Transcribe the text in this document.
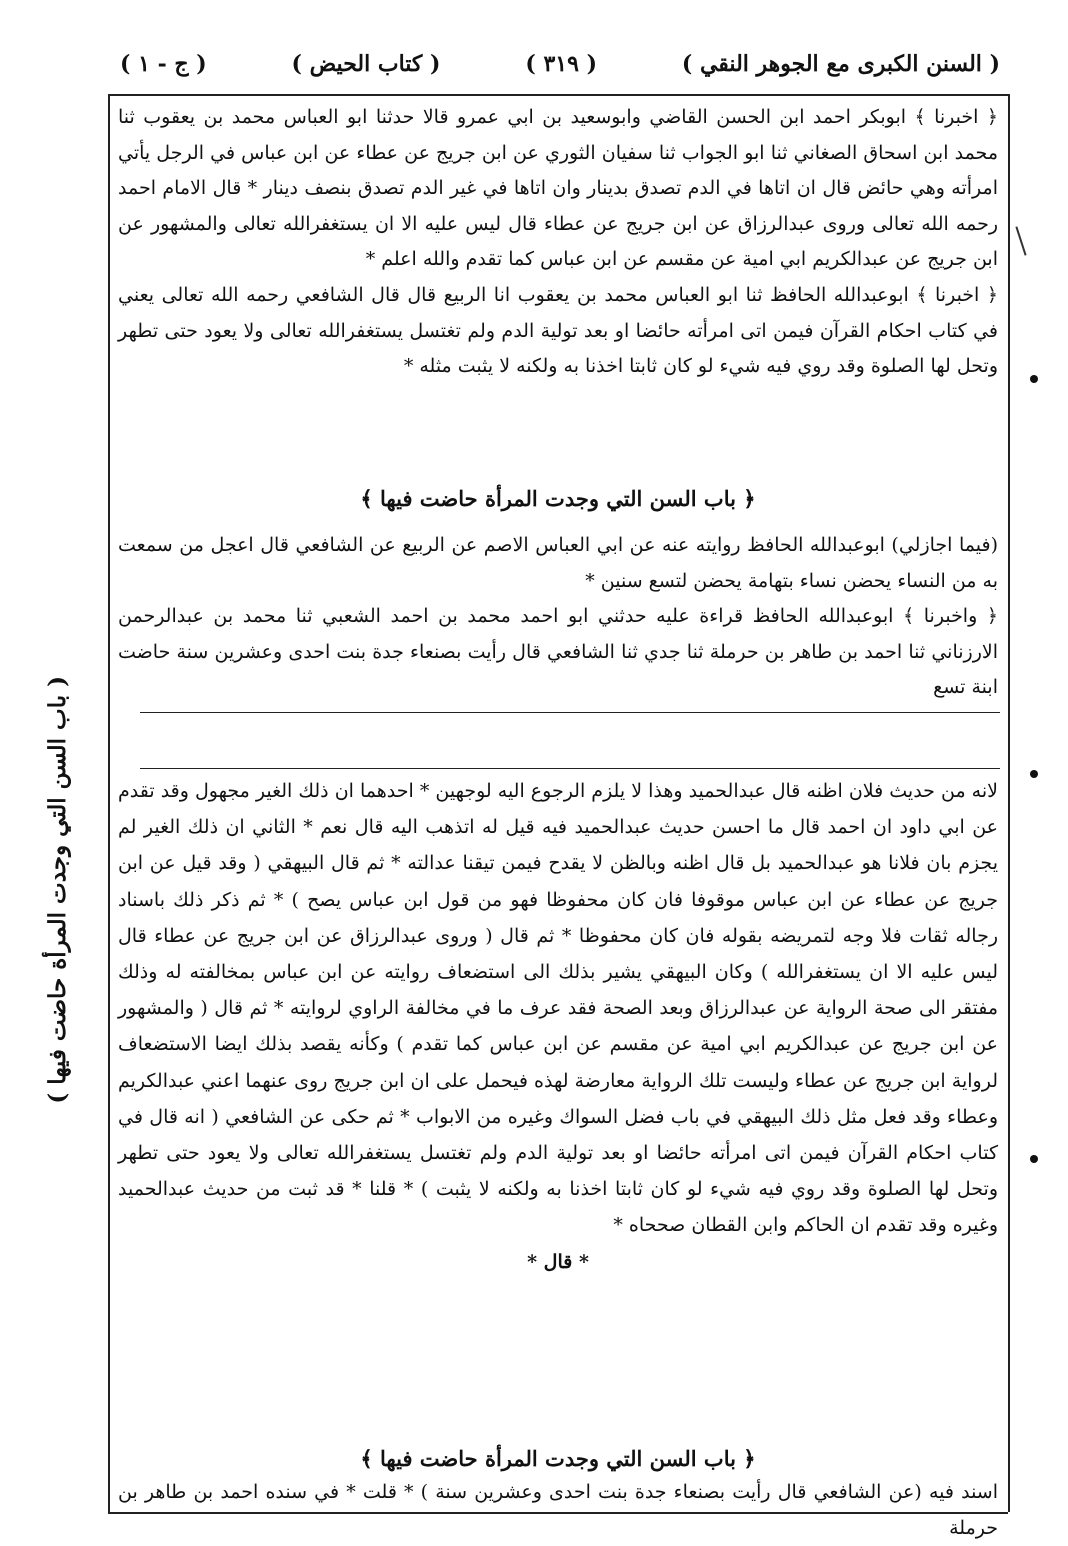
( السنن الكبرى مع الجوهر النقي )
( ٣١٩ )
( كتاب الحيض )
( ج - ١ )
( باب السن التي وجدت المرأة حاضت فيها )

﴿ اخبرنا ﴾ ابوبكر احمد ابن الحسن القاضي وابوسعيد بن ابي عمرو قالا حدثنا ابو العباس محمد بن يعقوب ثنا محمد ابن اسحاق الصغاني ثنا ابو الجواب ثنا سفيان الثوري عن ابن جريج عن عطاء عن ابن عباس في الرجل يأتي امرأته وهي حائض قال ان اتاها في الدم تصدق بدينار وان اتاها في غير الدم تصدق بنصف دينار * قال الامام احمد رحمه الله تعالى وروى عبدالرزاق عن ابن جريج عن عطاء قال ليس عليه الا ان يستغفرالله تعالى والمشهور عن ابن جريج عن عبدالكريم ابي امية عن مقسم عن ابن عباس كما تقدم والله اعلم *

﴿ اخبرنا ﴾ ابوعبدالله الحافظ ثنا ابو العباس محمد بن يعقوب انا الربيع قال قال الشافعي رحمه الله تعالى يعني في كتاب احكام القرآن فيمن اتى امرأته حائضا او بعد تولية الدم ولم تغتسل يستغفرالله تعالى ولا يعود حتى تطهر وتحل لها الصلوة وقد روي فيه شيء لو كان ثابتا اخذنا به ولكنه لا يثبت مثله *

﴿ باب السن التي وجدت المرأة حاضت فيها ﴾

(فيما اجازلي) ابوعبدالله الحافظ روايته عنه عن ابي العباس الاصم عن الربيع عن الشافعي قال اعجل من سمعت به من النساء يحضن نساء بتهامة يحضن لتسع سنين *

﴿ واخبرنا ﴾ ابوعبدالله الحافظ قراءة عليه حدثني ابو احمد محمد بن احمد الشعبي ثنا محمد بن عبدالرحمن الارزناني ثنا احمد بن طاهر بن حرملة ثنا جدي ثنا الشافعي قال رأيت بصنعاء جدة بنت احدى وعشرين سنة حاضت ابنة تسع

لانه من حديث فلان اظنه قال عبدالحميد وهذا لا يلزم الرجوع اليه لوجهين * احدهما ان ذلك الغير مجهول وقد تقدم عن ابي داود ان احمد قال ما احسن حديث عبدالحميد فيه قيل له اتذهب اليه قال نعم * الثاني ان ذلك الغير لم يجزم بان فلانا هو عبدالحميد بل قال اظنه وبالظن لا يقدح فيمن تيقنا عدالته * ثم قال البيهقي ( وقد قيل عن ابن جريج عن عطاء عن ابن عباس موقوفا فان كان محفوظا فهو من قول ابن عباس يصح ) * ثم ذكر ذلك باسناد رجاله ثقات فلا وجه لتمريضه بقوله فان كان محفوظا * ثم قال ( وروى عبدالرزاق عن ابن جريج عن عطاء قال ليس عليه الا ان يستغفرالله ) وكان البيهقي يشير بذلك الى استضعاف روايته عن ابن عباس بمخالفته له وذلك مفتقر الى صحة الرواية عن عبدالرزاق وبعد الصحة فقد عرف ما في مخالفة الراوي لروايته * ثم قال ( والمشهور عن ابن جريج عن عبدالكريم ابي امية عن مقسم عن ابن عباس كما تقدم ) وكأنه يقصد بذلك ايضا الاستضعاف لرواية ابن جريج عن عطاء وليست تلك الرواية معارضة لهذه فيحمل على ان ابن جريج روى عنهما اعني عبدالكريم وعطاء وقد فعل مثل ذلك البيهقي في باب فضل السواك وغيره من الابواب * ثم حكى عن الشافعي ( انه قال في كتاب احكام القرآن فيمن اتى امرأته حائضا او بعد تولية الدم ولم تغتسل يستغفرالله تعالى ولا يعود حتى تطهر وتحل لها الصلوة وقد روي فيه شيء لو كان ثابتا اخذنا به ولكنه لا يثبت ) * قلنا * قد ثبت من حديث عبدالحميد وغيره وقد تقدم ان الحاكم وابن القطان صححاه *

* قال *

﴿ باب السن التي وجدت المرأة حاضت فيها ﴾

اسند فيه (عن الشافعي قال رأيت بصنعاء جدة بنت احدى وعشرين سنة ) * قلت * في سنده احمد بن طاهر بن حرملة
